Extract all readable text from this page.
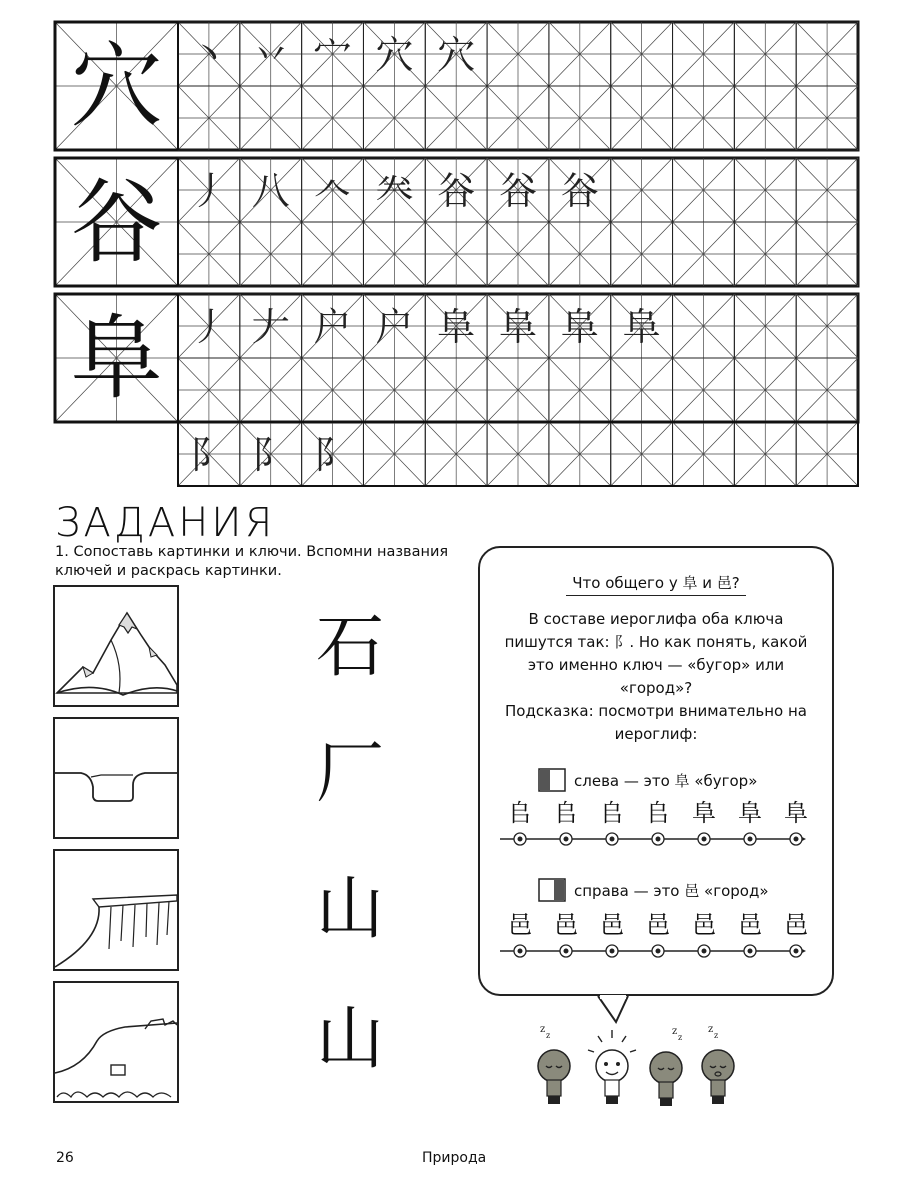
穴 丶 丷 宀 穴 穴
谷 丿 八 𠆢 𠔉 谷 谷 谷
阜 丿 𠂇 户 户 阜 阜 阜 阜
阝 阝 阝
ЗАДАНИЯ
1. Сопоставь картинки и ключи. Вспомни названия ключей и раскрась картинки.
石
厂
山
山
Что общего у 阜 и 邑?
В составе иероглифа оба ключа пишутся так: 阝. Но как понять, какой это именно ключ — «бугор» или «город»?
Подсказка: посмотри внимательно на иероглиф:
слева — это 阜 «бугор»
𠂤 𠂤 𠂤 𠂤 阜 阜 阜
справа — это 邑 «город»
邑 邑 邑 邑 邑 邑 邑
z
z	z
z
z
z
26	Природа
